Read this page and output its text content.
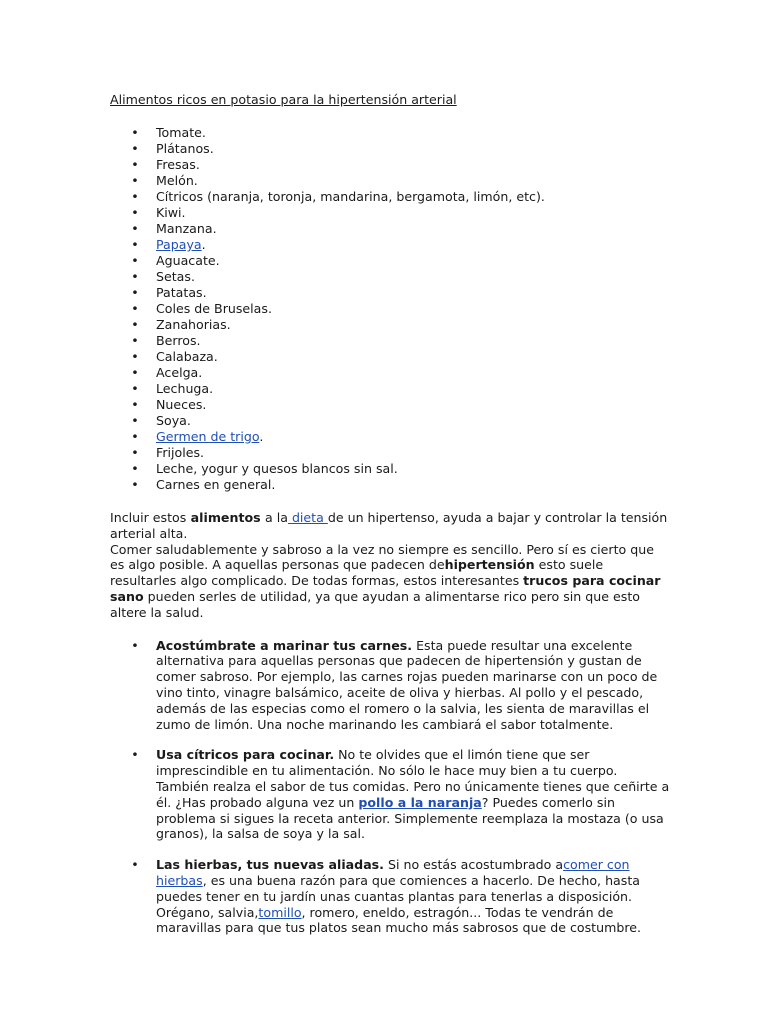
Alimentos ricos en potasio para la hipertensión arterial
• Tomate.
• Plátanos.
• Fresas.
• Melón.
• Cítricos (naranja, toronja, mandarina, bergamota, limón, etc).
• Kiwi.
• Manzana.
• Papaya.
• Aguacate.
• Setas.
• Patatas.
• Coles de Bruselas.
• Zanahorias.
• Berros.
• Calabaza.
• Acelga.
• Lechuga.
• Nueces.
• Soya.
• Germen de trigo.
• Frijoles.
• Leche, yogur y quesos blancos sin sal.
• Carnes en general.

Incluir estos alimentos a la dieta de un hipertenso, ayuda a bajar y controlar la tensión arterial alta.
Comer saludablemente y sabroso a la vez no siempre es sencillo. Pero sí es cierto que es algo posible. A aquellas personas que padecen dehipertensión esto suele resultarles algo complicado. De todas formas, estos interesantes trucos para cocinar sano pueden serles de utilidad, ya que ayudan a alimentarse rico pero sin que esto altere la salud.

• Acostúmbrate a marinar tus carnes. Esta puede resultar una excelente alternativa para aquellas personas que padecen de hipertensión y gustan de comer sabroso. Por ejemplo, las carnes rojas pueden marinarse con un poco de vino tinto, vinagre balsámico, aceite de oliva y hierbas. Al pollo y el pescado, además de las especias como el romero o la salvia, les sienta de maravillas el zumo de limón. Una noche marinando les cambiará el sabor totalmente.
• Usa cítricos para cocinar. No te olvides que el limón tiene que ser imprescindible en tu alimentación. No sólo le hace muy bien a tu cuerpo. También realza el sabor de tus comidas. Pero no únicamente tienes que ceñirte a él. ¿Has probado alguna vez un pollo a la naranja? Puedes comerlo sin problema si sigues la receta anterior. Simplemente reemplaza la mostaza (o usa granos), la salsa de soya y la sal.
• Las hierbas, tus nuevas aliadas. Si no estás acostumbrado acomer con hierbas, es una buena razón para que comiences a hacerlo. De hecho, hasta puedes tener en tu jardín unas cuantas plantas para tenerlas a disposición. Orégano, salvia,tomillo, romero, eneldo, estragón... Todas te vendrán de maravillas para que tus platos sean mucho más sabrosos que de costumbre.
